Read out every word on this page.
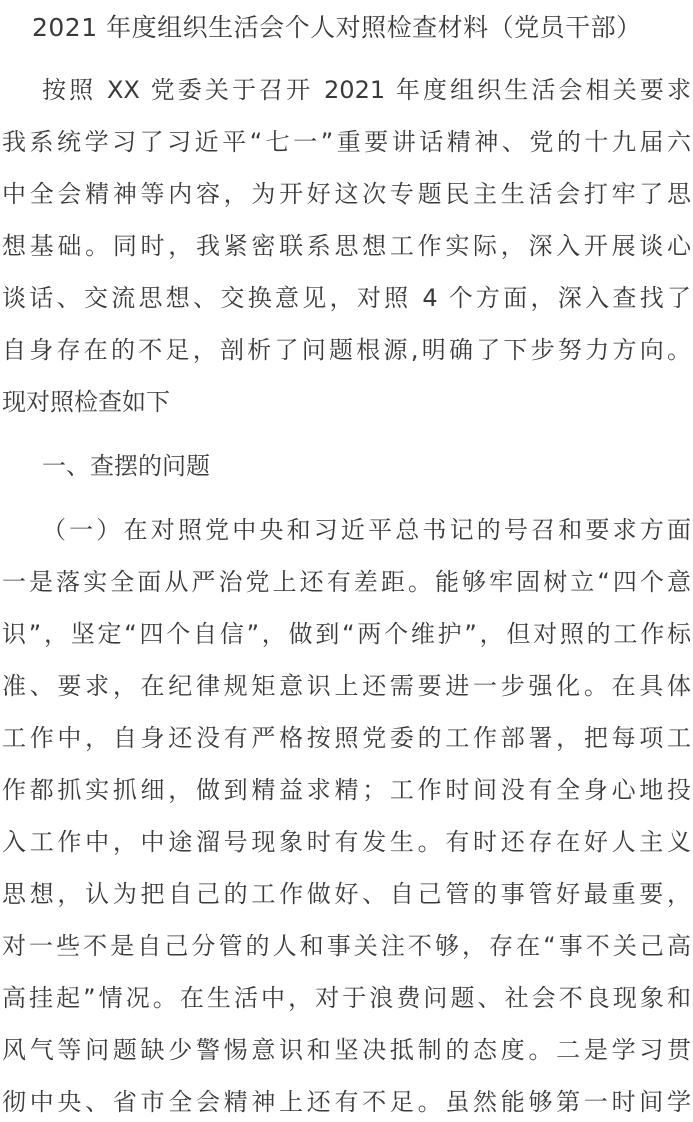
2021 年度组织生活会个人对照检查材料（党员干部）
按照 XX 党委关于召开 2021 年度组织生活会相关要求
我系统学习了习近平“七一”重要讲话精神、党的十九届六
中全会精神等内容，为开好这次专题民主生活会打牢了思
想基础。同时，我紧密联系思想工作实际，深入开展谈心
谈话、交流思想、交换意见，对照 4 个方面，深入查找了
自身存在的不足，剖析了问题根源,明确了下步努力方向。
现对照检查如下
一、查摆的问题
（一）在对照党中央和习近平总书记的号召和要求方面
一是落实全面从严治党上还有差距。能够牢固树立“四个意
识”，坚定“四个自信”，做到“两个维护”，但对照的工作标
准、要求，在纪律规矩意识上还需要进一步强化。在具体
工作中，自身还没有严格按照党委的工作部署，把每项工
作都抓实抓细，做到精益求精；工作时间没有全身心地投
入工作中，中途溜号现象时有发生。有时还存在好人主义
思想，认为把自己的工作做好、自己管的事管好最重要，
对一些不是自己分管的人和事关注不够，存在“事不关己高
高挂起”情况。在生活中，对于浪费问题、社会不良现象和
风气等问题缺少警惕意识和坚决抵制的态度。二是学习贯
彻中央、省市全会精神上还有不足。虽然能够第一时间学
